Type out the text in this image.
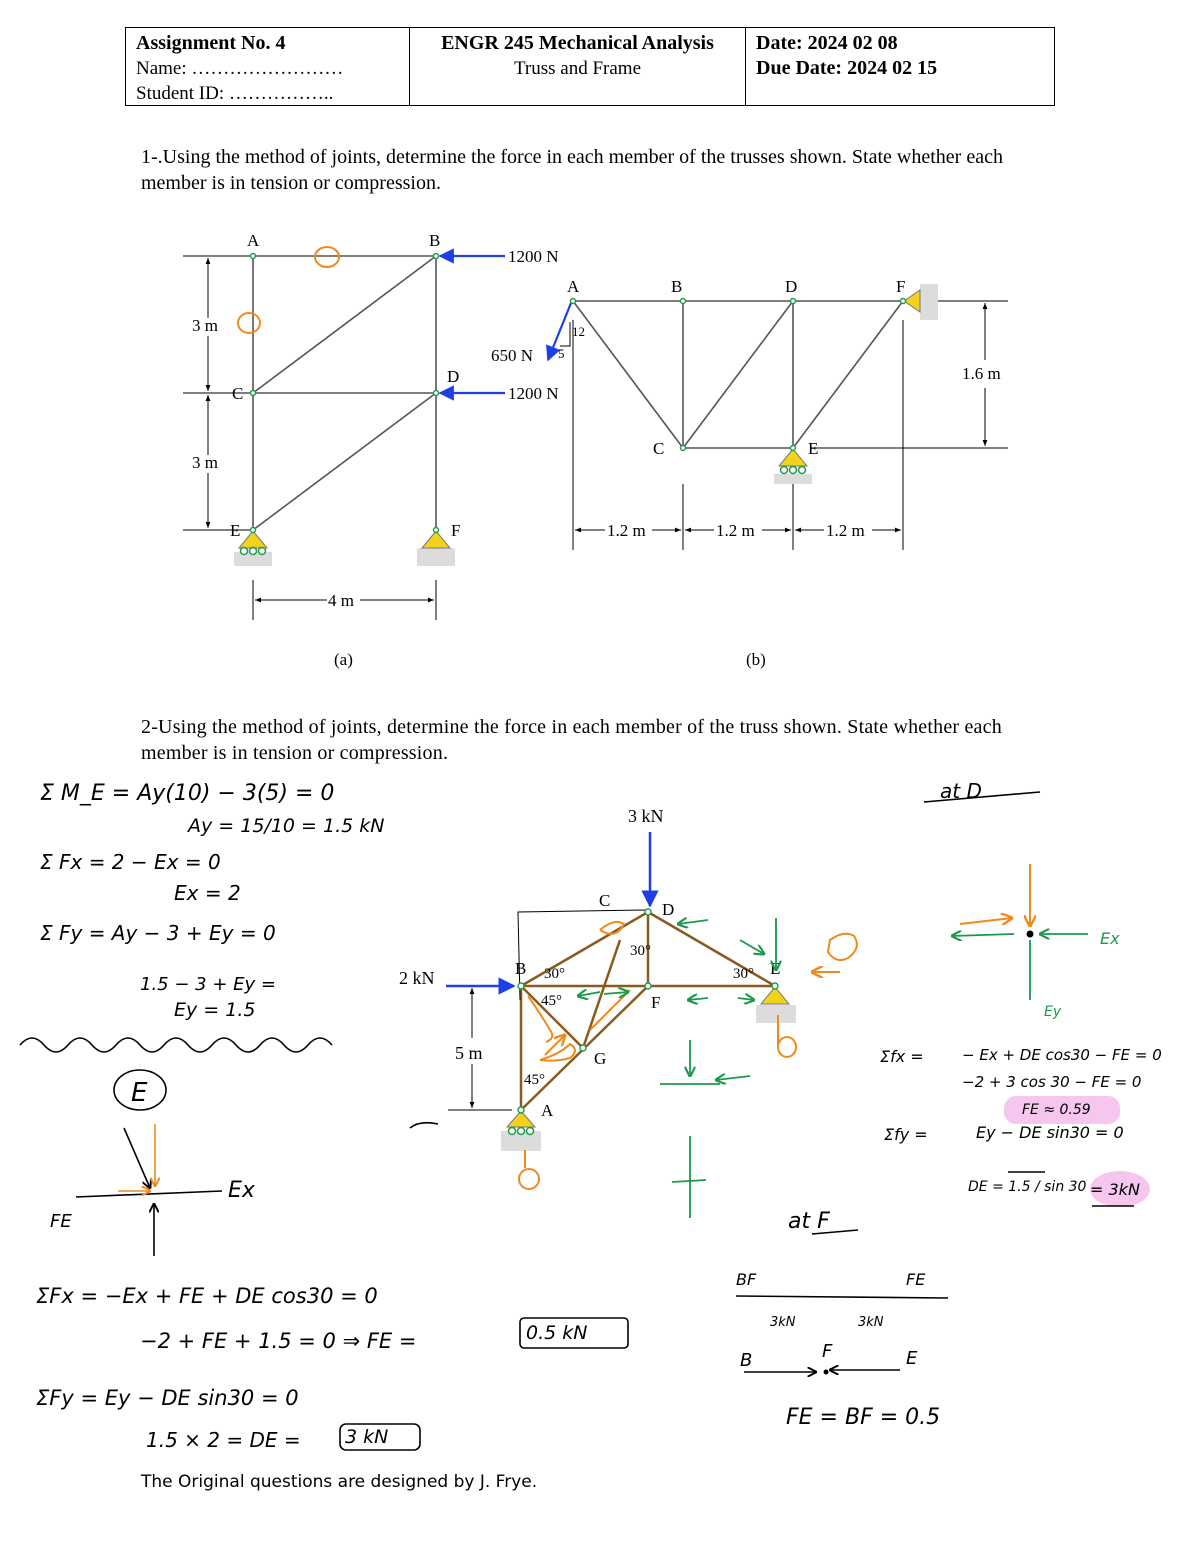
Assignment No. 4
Name: ……………………
Student ID: ……………..
ENGR 245 Mechanical Analysis
Truss and Frame
Date: 2024 02 08
Due Date: 2024 02 15
1-.Using the method of joints, determine the force in each member of the trusses shown. State whether each member is in tension or compression.
2-Using the method of joints, determine the force in each member of the truss shown. State whether each member is in tension or compression.
The Original questions are designed by J. Frye.
A	B
C
D
E	F
1200 N
1200 N
3 m
3 m
4 m
(a)
A	B
C
D
E
F
650 N
12
5
1.6 m
1.2 m	1.2 m	1.2 m
(b)
3 kN
2 kN
5 m
A
B
C	D
E
F
G
30°
45°
30°
30°
45°
Σ M_E = Ay(10) − 3(5) = 0
Ay = 15/10 = 1.5 kN
Σ Fx = 2 − Ex = 0
Ex = 2
Σ Fy = Ay − 3 + Ey = 0
1.5 − 3 + Ey =
Ey = 1.5
E
Ex
FE
ΣFx = −Ex + FE + DE cos30 = 0
−2 + FE + 1.5 = 0 ⇒ FE =	0.5 kN
ΣFy = Ey − DE sin30 = 0
1.5 × 2 = DE = 3 kN
at D
Ex
Ey
Σfx =	− Ex + DE cos30 − FE = 0
−2 + 3 cos 30 − FE = 0
FE ≈ 0.59
Σfy =	Ey − DE sin30 = 0
DE = 1.5 / sin 30 = 3kN
at F
BF	FE
3kN	3kN
B	F	E
FE = BF = 0.5
